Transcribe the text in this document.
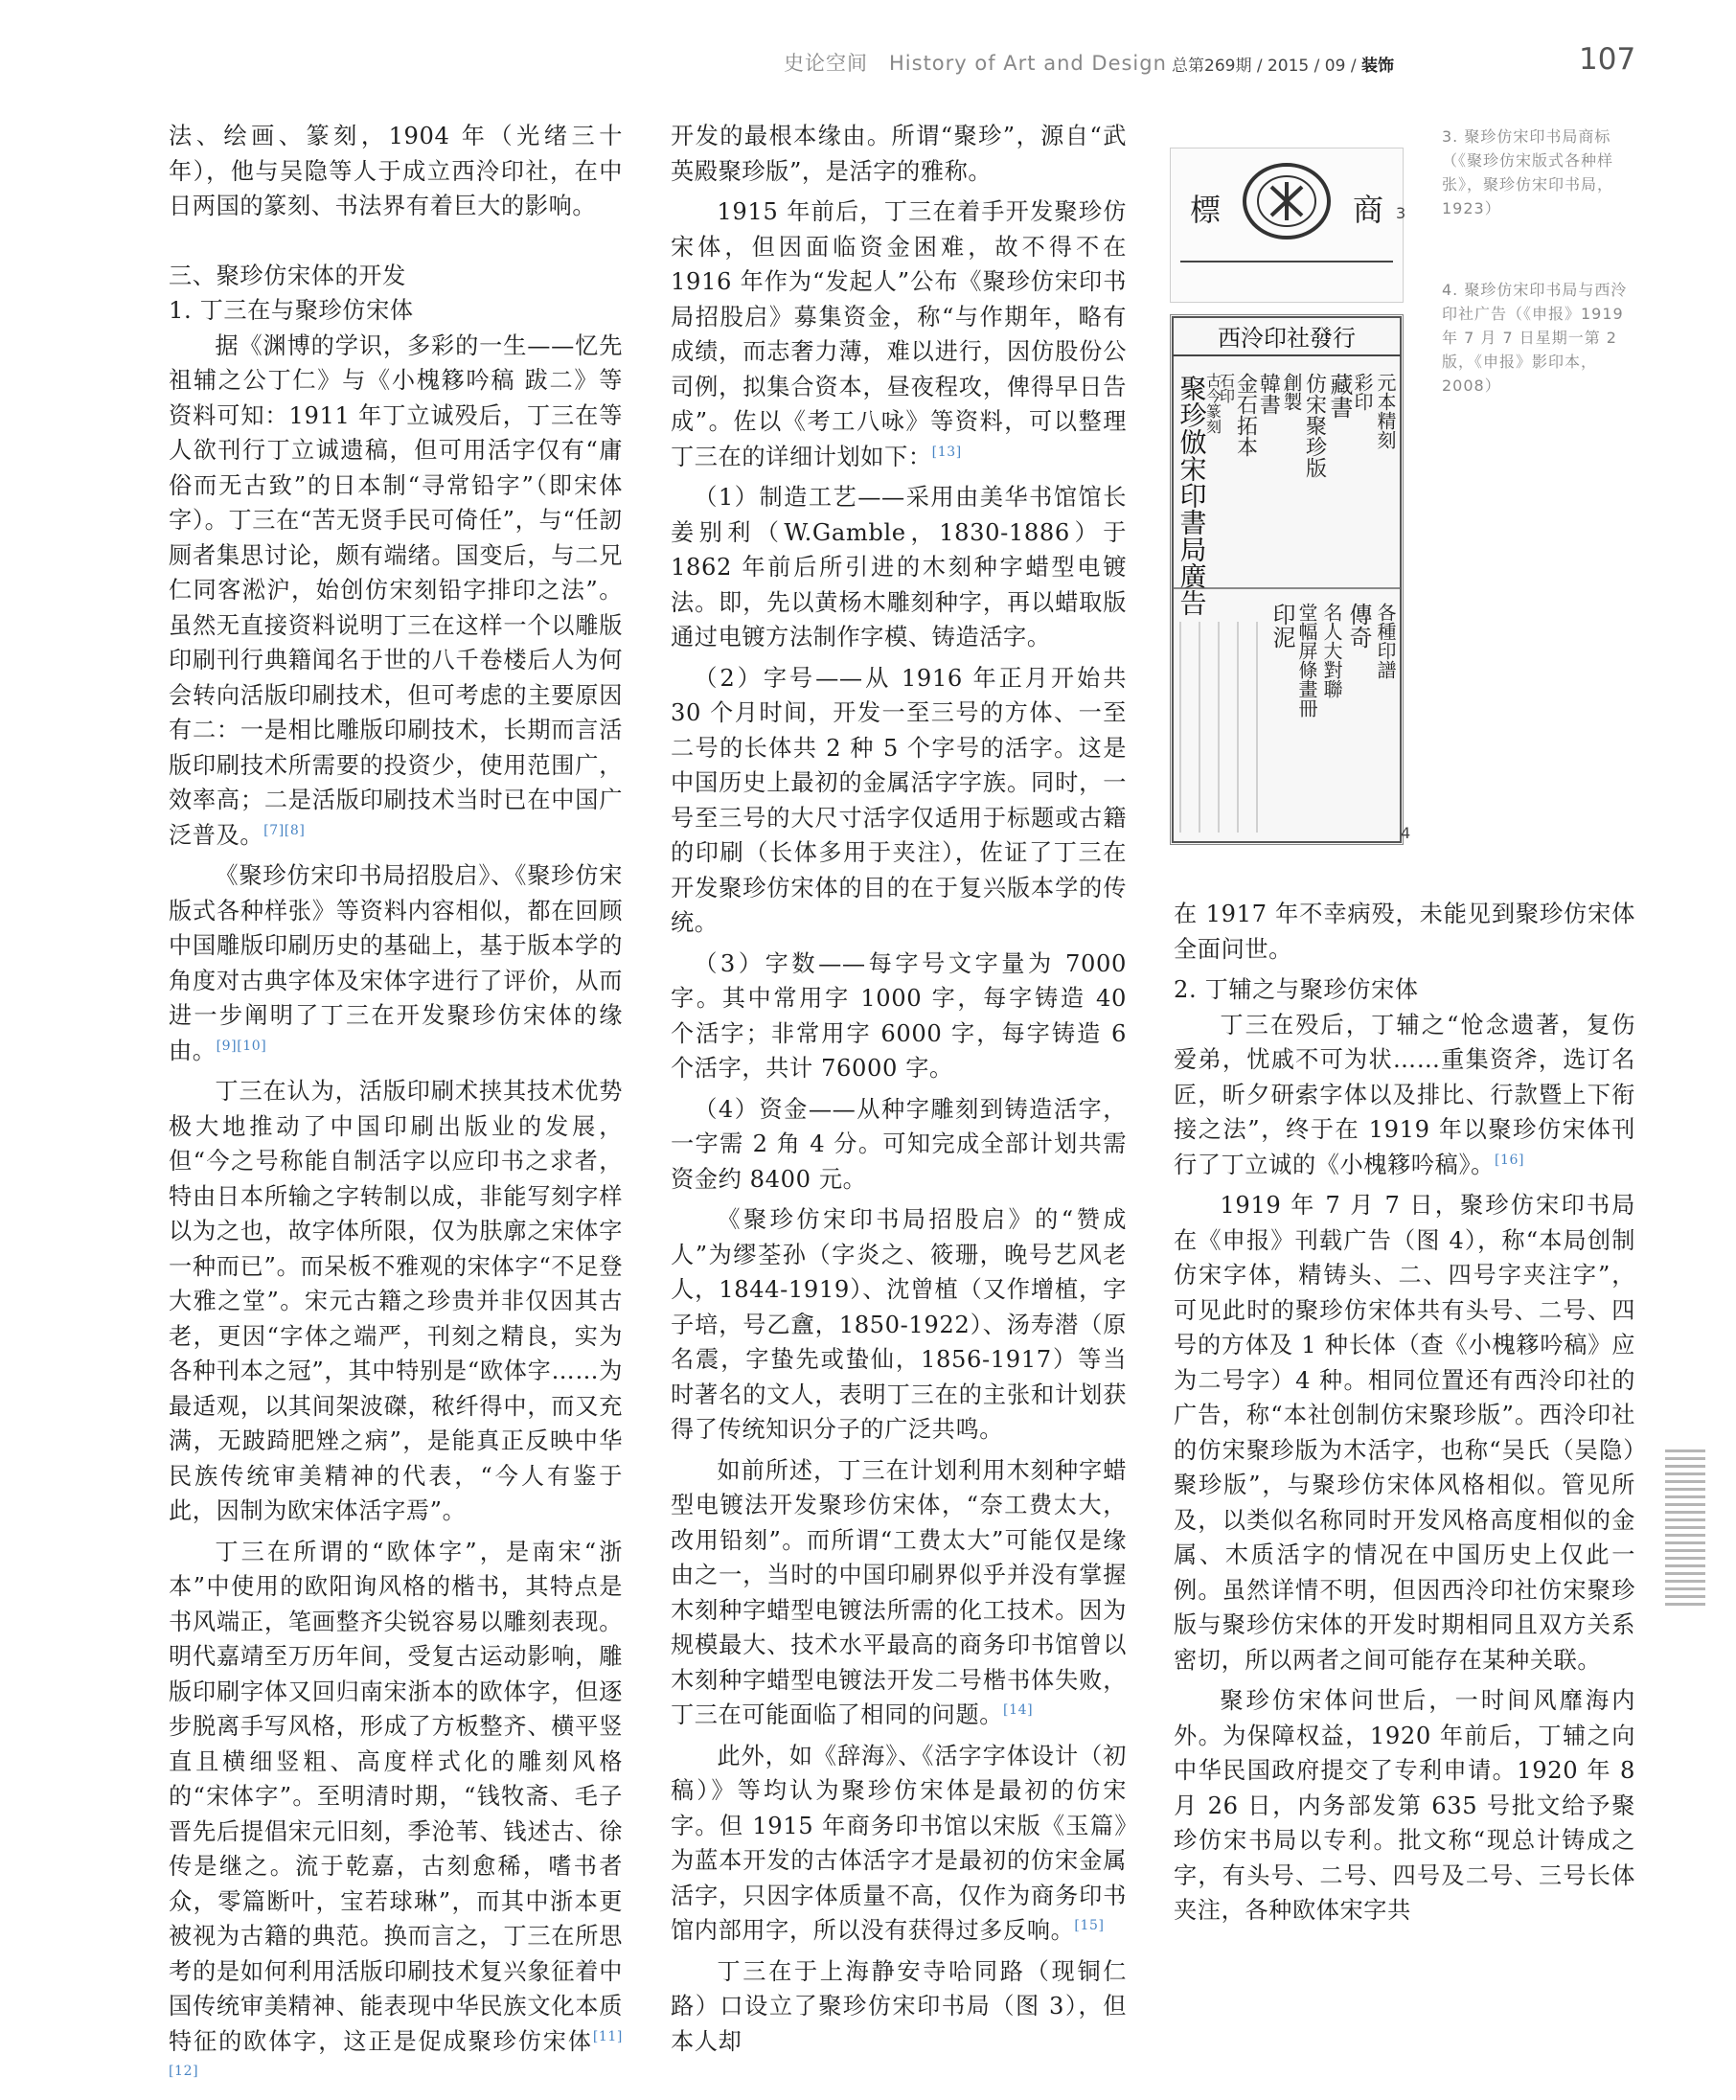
史论空间　History of Art and Design 总第269期 / 2015 / 09 / 装饰	107

法、绘画、篆刻，1904 年（光绪三十年），他与吴隐等人于成立西泠印社，在中日两国的篆刻、书法界有着巨大的影响。

三、聚珍仿宋体的开发
1. 丁三在与聚珍仿宋体

据《渊博的学识，多彩的一生——忆先祖辅之公丁仁》与《小槐簃吟稿 跋二》等资料可知：1911 年丁立诚殁后，丁三在等人欲刊行丁立诚遗稿，但可用活字仅有“庸俗而无古致”的日本制“寻常铅字”（即宋体字）。丁三在“苦无贤手民可倚任”，与“任訒厕者集思讨论，颇有端绪。国变后，与二兄仁同客淞沪，始创仿宋刻铅字排印之法”。虽然无直接资料说明丁三在这样一个以雕版印刷刊行典籍闻名于世的八千卷楼后人为何会转向活版印刷技术，但可考虑的主要原因有二：一是相比雕版印刷技术，长期而言活版印刷技术所需要的投资少，使用范围广，效率高；二是活版印刷技术当时已在中国广泛普及。[7][8]

《聚珍仿宋印书局招股启》、《聚珍仿宋版式各种样张》等资料内容相似，都在回顾中国雕版印刷历史的基础上，基于版本学的角度对古典字体及宋体字进行了评价，从而进一步阐明了丁三在开发聚珍仿宋体的缘由。[9][10]

丁三在认为，活版印刷术挟其技术优势极大地推动了中国印刷出版业的发展，但“今之号称能自制活字以应印书之求者，特由日本所输之字转制以成，非能写刻字样以为之也，故字体所限，仅为肤廓之宋体字一种而已”。而呆板不雅观的宋体字“不足登大雅之堂”。宋元古籍之珍贵并非仅因其古老，更因“字体之端严，刊刻之精良，实为各种刊本之冠”，其中特别是“欧体字……为最适观，以其间架波磔，秾纤得中，而又充满，无跛踦肥矬之病”，是能真正反映中华民族传统审美精神的代表，“今人有鉴于此，因制为欧宋体活字焉”。

丁三在所谓的“欧体字”，是南宋“浙本”中使用的欧阳询风格的楷书，其特点是书风端正，笔画整齐尖锐容易以雕刻表现。明代嘉靖至万历年间，受复古运动影响，雕版印刷字体又回归南宋浙本的欧体字，但逐步脱离手写风格，形成了方板整齐、横平竖直且横细竖粗、高度样式化的雕刻风格的“宋体字”。至明清时期，“钱牧斋、毛子晋先后提倡宋元旧刻，季沧苇、钱述古、徐传是继之。流于乾嘉，古刻愈稀，嗜书者众，零篇断叶，宝若球琳”，而其中浙本更被视为古籍的典范。换而言之，丁三在所思考的是如何利用活版印刷技术复兴象征着中国传统审美精神、能表现中华民族文化本质特征的欧体字，这正是促成聚珍仿宋体[11][12]

开发的最根本缘由。所谓“聚珍”，源自“武英殿聚珍版”，是活字的雅称。

1915 年前后，丁三在着手开发聚珍仿宋体，但因面临资金困难，故不得不在 1916 年作为“发起人”公布《聚珍仿宋印书局招股启》募集资金，称“与作期年，略有成绩，而志奢力薄，难以进行，因仿股份公司例，拟集合资本，昼夜程攻，俾得早日告成”。佐以《考工八咏》等资料，可以整理丁三在的详细计划如下：[13]

（1）制造工艺——采用由美华书馆馆长姜别利（W.Gamble，1830-1886）于 1862 年前后所引进的木刻种字蜡型电镀法。即，先以黄杨木雕刻种字，再以蜡取版通过电镀方法制作字模、铸造活字。

（2）字号——从 1916 年正月开始共 30 个月时间，开发一至三号的方体、一至二号的长体共 2 种 5 个字号的活字。这是中国历史上最初的金属活字字族。同时，一号至三号的大尺寸活字仅适用于标题或古籍的印刷（长体多用于夹注），佐证了丁三在开发聚珍仿宋体的目的在于复兴版本学的传统。

（3）字数——每字号文字量为 7000 字。其中常用字 1000 字，每字铸造 40 个活字；非常用字 6000 字，每字铸造 6 个活字，共计 76000 字。

（4）资金——从种字雕刻到铸造活字，一字需 2 角 4 分。可知完成全部计划共需资金约 8400 元。

《聚珍仿宋印书局招股启》的“赞成人”为缪荃孙（字炎之、筱珊，晚号艺风老人，1844-1919）、沈曾植（又作增植，字子培，号乙盦，1850-1922）、汤寿潜（原名震，字蛰先或蛰仙，1856-1917）等当时著名的文人，表明丁三在的主张和计划获得了传统知识分子的广泛共鸣。

如前所述，丁三在计划利用木刻种字蜡型电镀法开发聚珍仿宋体，“奈工费太大，改用铅刻”。而所谓“工费太大”可能仅是缘由之一，当时的中国印刷界似乎并没有掌握木刻种字蜡型电镀法所需的化工技术。因为规模最大、技术水平最高的商务印书馆曾以木刻种字蜡型电镀法开发二号楷书体失败，丁三在可能面临了相同的问题。[14]

此外，如《辞海》、《活字字体设计（初稿）》等均认为聚珍仿宋体是最初的仿宋字。但 1915 年商务印书馆以宋版《玉篇》为蓝本开发的古体活字才是最初的仿宋金属活字，只因字体质量不高，仅作为商务印书馆内部用字，所以没有获得过多反响。[15]

丁三在于上海静安寺哈同路（现铜仁路）口设立了聚珍仿宋印书局（图 3），但本人却

標	商
西泠印社發行
聚珍倣宋印書局廣告	元本精刻
彩印
藏書
仿宋聚珍版
創製
韓書
金石拓本
石印
古今篆刻
各種印譜
傳奇
名人大對聯
堂幅屏條畫冊
印泥
3
4
3. 聚珍仿宋印书局商标（《聚珍仿宋版式各种样张》，聚珍仿宋印书局，1923）
4. 聚珍仿宋印书局与西泠印社广告（《申报》1919 年 7 月 7 日星期一第 2 版，《申报》影印本，2008）

在 1917 年不幸病殁，未能见到聚珍仿宋体全面问世。

2. 丁辅之与聚珍仿宋体

丁三在殁后，丁辅之“怆念遗著，复伤爱弟，忧戚不可为状……重集资斧，选订名匠，昕夕研索字体以及排比、行款暨上下衔接之法”，终于在 1919 年以聚珍仿宋体刊行了丁立诚的《小槐簃吟稿》。[16]

1919 年 7 月 7 日，聚珍仿宋印书局在《申报》刊载广告（图 4），称“本局创制仿宋字体，精铸头、二、四号字夹注字”，可见此时的聚珍仿宋体共有头号、二号、四号的方体及 1 种长体（查《小槐簃吟稿》应为二号字）4 种。相同位置还有西泠印社的广告，称“本社创制仿宋聚珍版”。西泠印社的仿宋聚珍版为木活字，也称“吴氏（吴隐）聚珍版”，与聚珍仿宋体风格相似。管见所及，以类似名称同时开发风格高度相似的金属、木质活字的情况在中国历史上仅此一例。虽然详情不明，但因西泠印社仿宋聚珍版与聚珍仿宋体的开发时期相同且双方关系密切，所以两者之间可能存在某种关联。

聚珍仿宋体问世后，一时间风靡海内外。为保障权益，1920 年前后，丁辅之向中华民国政府提交了专利申请。1920 年 8 月 26 日，内务部发第 635 号批文给予聚珍仿宋书局以专利。批文称“现总计铸成之字，有头号、二号、四号及二号、三号长体夹注，各种欧体宋字共
